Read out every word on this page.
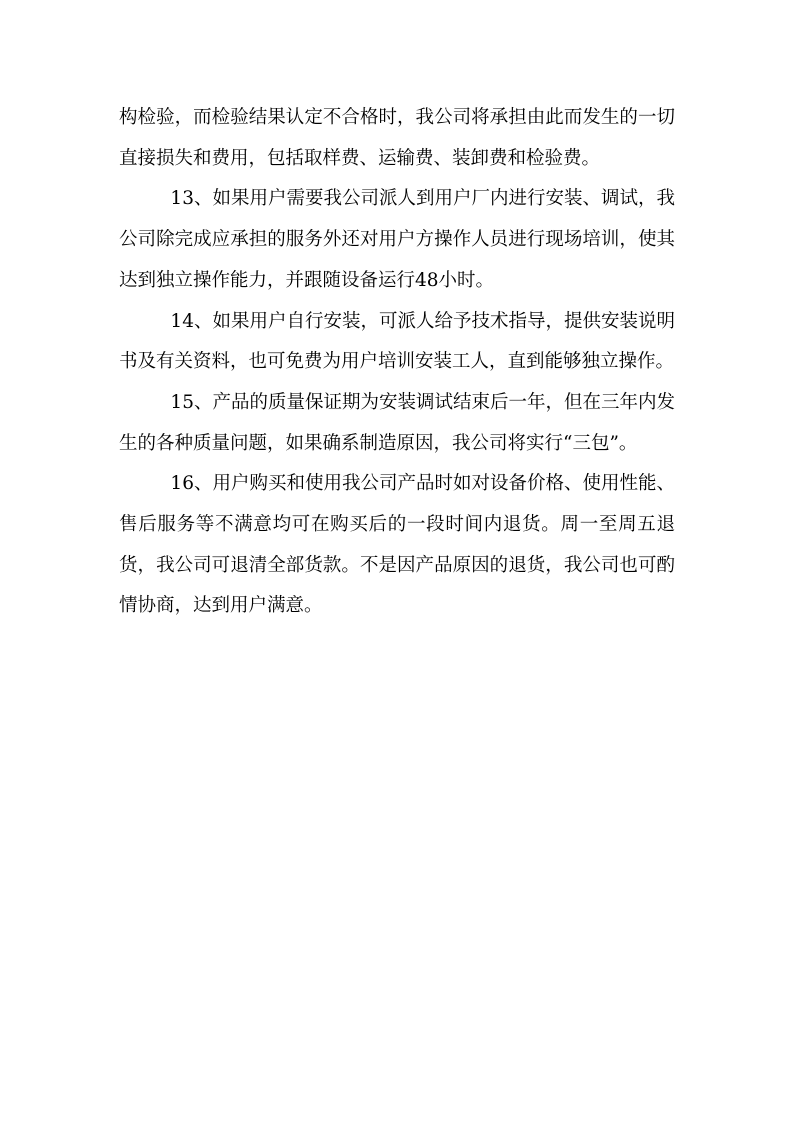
构检验，而检验结果认定不合格时，我公司将承担由此而发生的一切直接损失和费用，包括取样费、运输费、装卸费和检验费。

13、如果用户需要我公司派人到用户厂内进行安装、调试，我公司除完成应承担的服务外还对用户方操作人员进行现场培训，使其达到独立操作能力，并跟随设备运行48小时。

14、如果用户自行安装，可派人给予技术指导，提供安装说明书及有关资料，也可免费为用户培训安装工人，直到能够独立操作。

15、产品的质量保证期为安装调试结束后一年，但在三年内发生的各种质量问题，如果确系制造原因，我公司将实行“三包”。

16、用户购买和使用我公司产品时如对设备价格、使用性能、售后服务等不满意均可在购买后的一段时间内退货。周一至周五退货，我公司可退清全部货款。不是因产品原因的退货，我公司也可酌情协商，达到用户满意。
